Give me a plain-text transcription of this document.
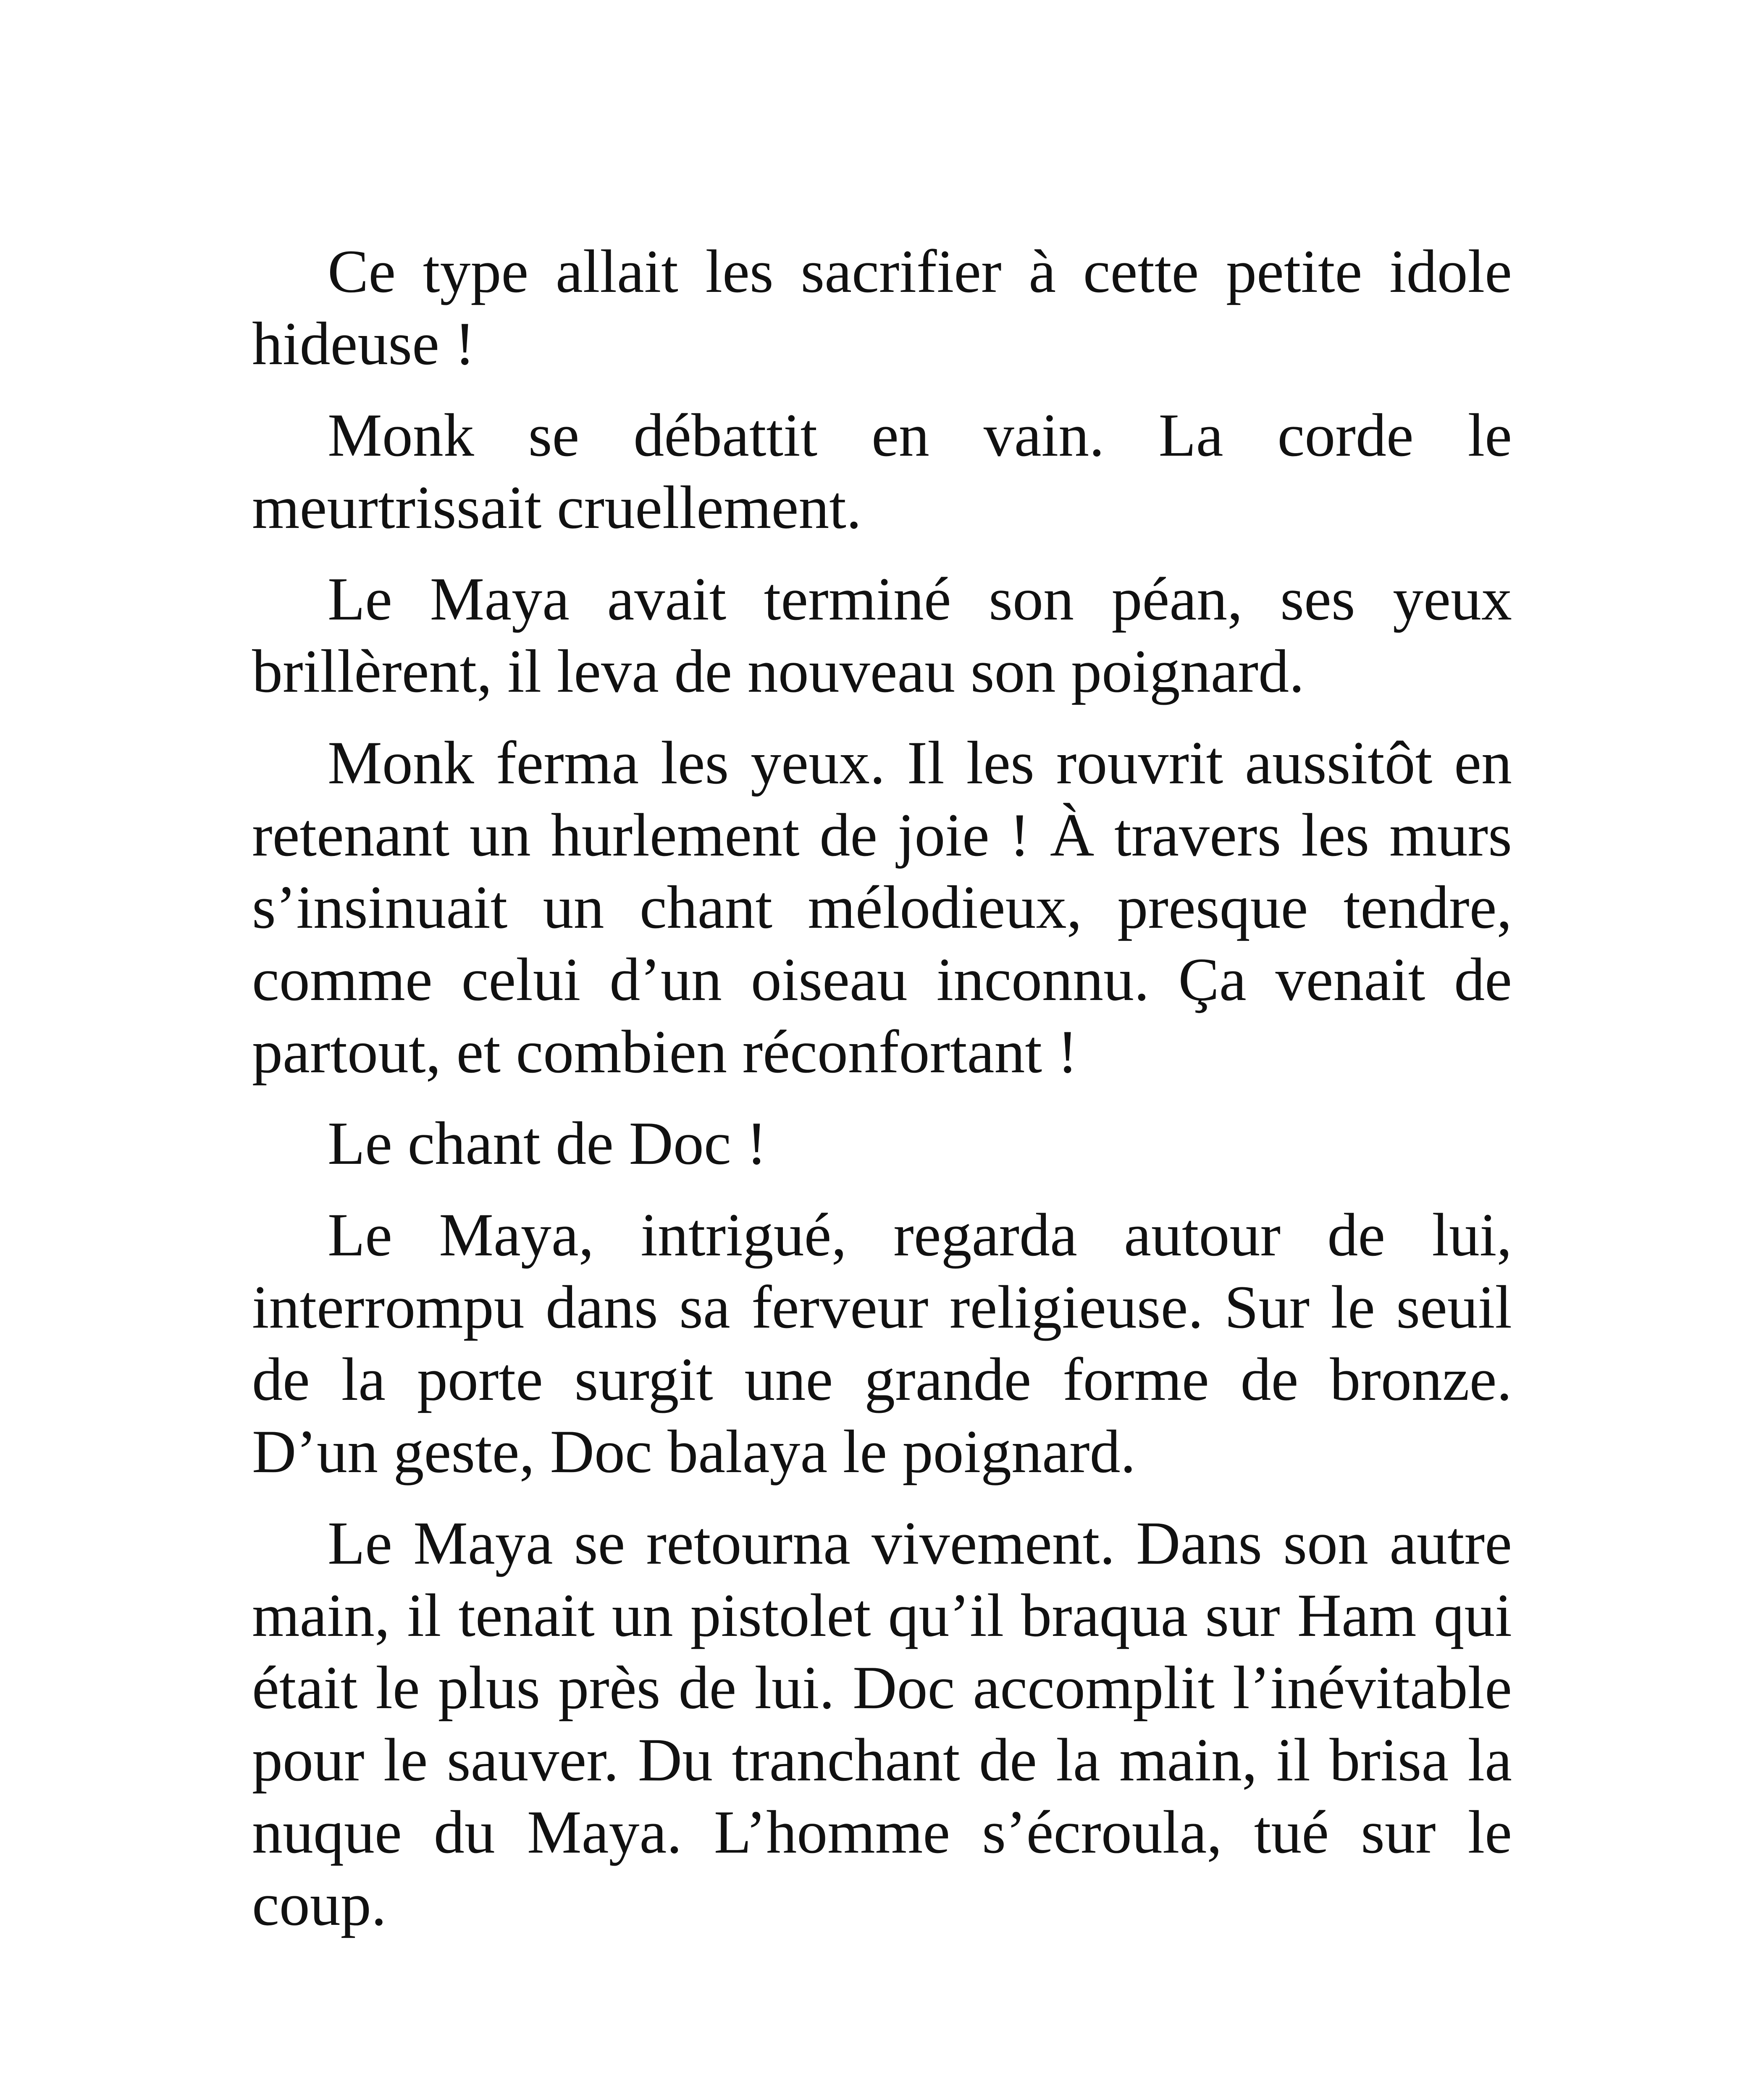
Ce type allait les sacrifier à cette petite idole hideuse !

Monk se débattit en vain. La corde le meurtrissait cruellement.

Le Maya avait terminé son péan, ses yeux brillèrent, il leva de nouveau son poignard.

Monk ferma les yeux. Il les rouvrit aussitôt en retenant un hurlement de joie ! À travers les murs s’insinuait un chant mélodieux, presque tendre, comme celui d’un oiseau inconnu. Ça venait de partout, et combien réconfortant !

Le chant de Doc !

Le Maya, intrigué, regarda autour de lui, interrompu dans sa ferveur religieuse. Sur le seuil de la porte surgit une grande forme de bronze. D’un geste, Doc balaya le poignard.

Le Maya se retourna vivement. Dans son autre main, il tenait un pistolet qu’il braqua sur Ham qui était le plus près de lui. Doc accomplit l’inévitable pour le sauver. Du tranchant de la main, il brisa la nuque du Maya. L’homme s’écroula, tué sur le coup.
